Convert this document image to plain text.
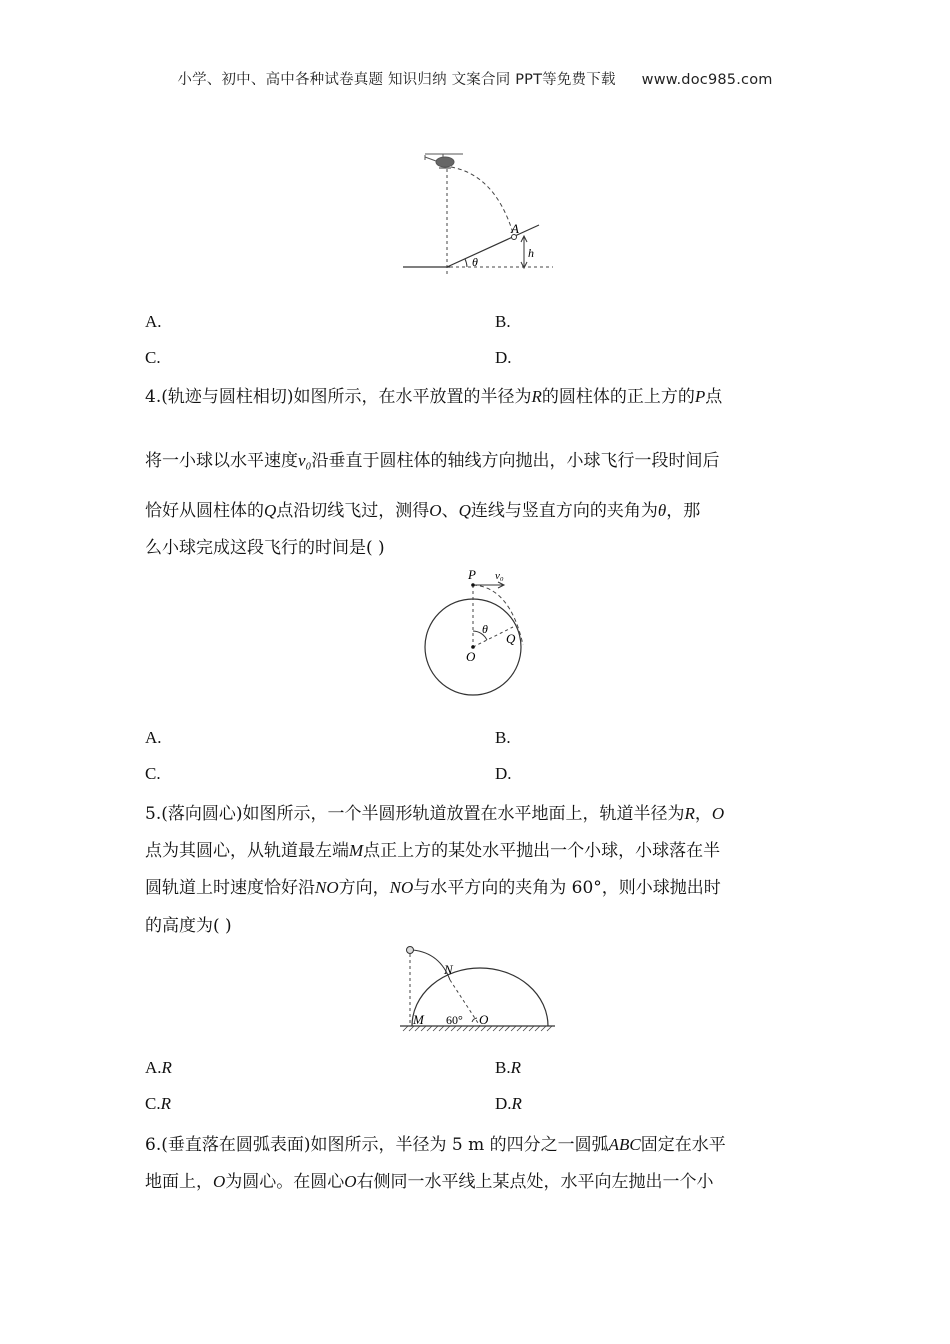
小学、初中、高中各种试卷真题 知识归纳 文案合同 PPT等免费下载 www.doc985.com
A
h
θ
A.	B.
C.	D.
4.(轨迹与圆柱相切)如图所示，在水平放置的半径为R的圆柱体的正上方的P点
将一小球以水平速度v₀沿垂直于圆柱体的轴线方向抛出，小球飞行一段时间后
恰好从圆柱体的Q点沿切线飞过，测得O、Q连线与竖直方向的夹角为θ，那
么小球完成这段飞行的时间是( )
P v₀
θ
Q
O
A.	B.
C.	D.
5.(落向圆心)如图所示，一个半圆形轨道放置在水平地面上，轨道半径为R，O
点为其圆心，从轨道最左端M点正上方的某处水平抛出一个小球，小球落在半
圆轨道上时速度恰好沿NO方向，NO与水平方向的夹角为 60°，则小球抛出时
的高度为( )
N
M 60° O
A.R	B.R
C.R	D.R
6.(垂直落在圆弧表面)如图所示，半径为 5 m 的四分之一圆弧ABC固定在水平
地面上，O为圆心。在圆心O右侧同一水平线上某点处，水平向左抛出一个小
